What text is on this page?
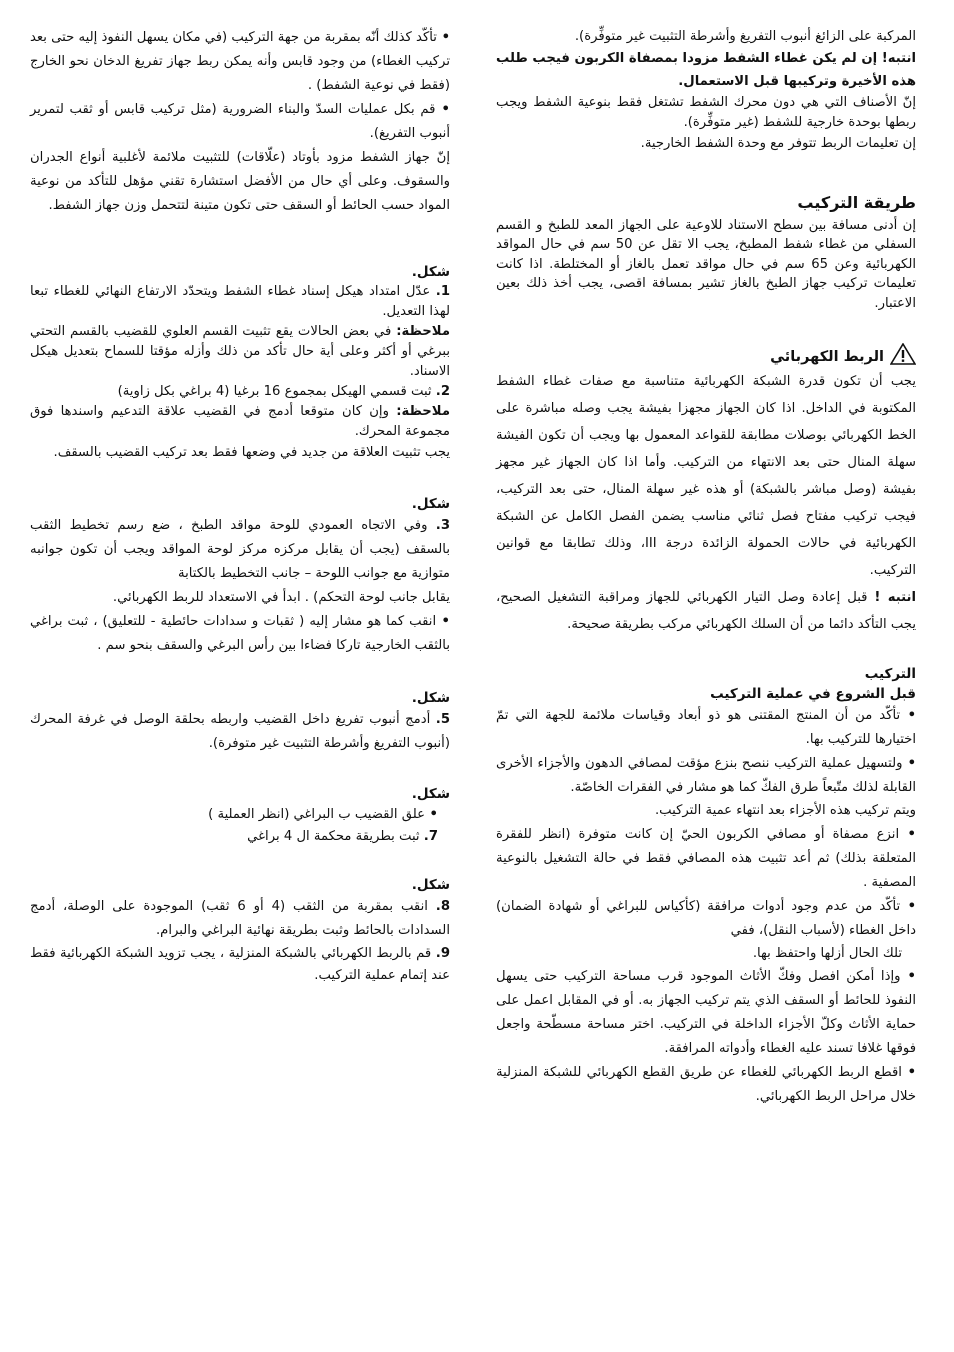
المركبة على الزائغ أنبوب التفريغ وأشرطة التثبيت غير متوفِّرة).

انتبه! إن لم يكن غطاء الشفط مزودا بمصفاة الكربون فيجب طلب هذه الأخيرة وتركيبها قبل الاستعمال.

إنّ الأصناف التي هي دون محرك الشفط تشتغل فقط بنوعية الشفط ويجب ربطها بوحدة خارجية للشفط (غير متوفِّرة).

إن تعليمات الربط تتوفر مع وحدة الشفط الخارجية.

طريقة التركيب

إن أدنى مسافة بين سطح الاستناد للاوعية على الجهاز المعد للطبخ و القسم السفلي من غطاء شفط المطبخ، يجب الا تقل عن 50 سم في حال المواقد الكهربائية وعن 65 سم في حال مواقد تعمل بالغاز أو المختلطة. اذا كانت تعليمات تركيب جهاز الطبخ بالغاز تشير بمسافة اقصى، يجب أخذ ذلك بعين الاعتبار.

الربط الكهربائي

يجب أن تكون قدرة الشبكة الكهربائية متناسبة مع صفات غطاء الشفط المكتوبة في الداخل. اذا كان الجهاز مجهزا بفيشة يجب وصله مباشرة على الخط الكهربائي بوصلات مطابقة للقواعد المعمول بها ويجب أن تكون الفيشة سهلة المنال حتى بعد الانتهاء من التركيب. وأما اذا كان الجهاز غير مجهز بفيشة (وصل مباشر بالشبكة) أو هذه غير سهلة المنال، حتى بعد التركيب، فيجب تركيب مفتاح فصل ثنائي مناسب يضمن الفصل الكامل عن الشبكة الكهربائية في حالات الحمولة الزائدة درجة III، وذلك تطابقا مع قوانين التركيب.

انتبه ! قبل إعادة وصل التيار الكهربائي للجهاز ومراقبة التشغيل الصحيح، يجب التأكد دائما من أن السلك الكهربائي مركب بطريقة صحيحة.

التركيب

قبل الشروع في عملية التركيب

• تأكّد من أن المنتج المقتنى هو ذو أبعاد وقياسات ملائمة للجهة التي تمّ اختيارها للتركيب بها.

• ولتسهيل عملية التركيب ننصح بنزع مؤقت لمصافي الدهون والأجزاء الأخرى القابلة لذلك متّبعاً طرق الفكّ كما هو مشار في الفقرات الخاصّة.

ويتم تركيب هذه الأجزاء بعد انتهاء عمية التركيب.

• انزع مصفاة أو مصافي الكربون الحيّ إن كانت متوفرة (انظر للفقرة المتعلقة بذلك) ثم أعد تثبيت هذه المصافي فقط في حالة التشغيل بالنوعية المصفية .

• تأكّد من عدم وجود أدوات مرافقة (كأكياس للبراغي أو شهادة الضمان) داخل الغطاء (لأسباب النقل)، ففي

تلك الحال أزلها واحتفظ بها.

• وإذا أمكن افصل وفكّ الأثاث الموجود قرب مساحة التركيب حتى يسهل النفوذ للحائط أو السقف الذي يتم تركيب الجهاز به. أو في المقابل اعمل على حماية الأثاث وكلّ الأجزاء الداخلة في التركيب. اختر مساحة مسطّحة واجعل فوقها غلافا تسند عليه الغطاء وأدواته المرافقة.

• اقطع الربط الكهربائي للغطاء عن طريق القطع الكهربائي للشبكة المنزلية خلال مراحل الربط الكهربائي.

• تأكّد كذلك أنّه بمقربة من جهة التركيب (في مكان يسهل النفوذ إليه حتى بعد تركيب الغطاء) من وجود قابس وأنه يمكن ربط جهاز تفريغ الدخان نحو الخارج (فقط في نوعية الشفط) .

• قم بكل عمليات السدّ والبناء الضرورية (مثل تركيب قابس أو ثقب لتمرير أنبوب التفريغ).

إنّ جهاز الشفط مزود بأوتاد (علّاقات) للتثبيت ملائمة لأغلبية أنواع الجدران والسقوف. وعلى أي حال من الأفضل استشارة تقني مؤهل للتأكد من نوعية المواد حسب الحائط أو السقف حتى تكون متينة لتتحمل وزن جهاز الشفط.

شكل.

1. عدّل امتداد هيكل إسناد غطاء الشفط ويتحدّد الارتفاع النهائي للغطاء تبعا لهذا التعديل.

ملاحظة: في بعض الحالات يقع تثبيت القسم العلوي للقضيب بالقسم التحتي ببرغي أو أكثر وعلى أية حال تأكد من ذلك وأزله مؤقتا للسماح بتعديل هيكل الاسناد.

2. ثبت قسمي الهيكل بمجموع 16 برغيا (4 براغي بكل زاوية)

ملاحظة: وإن كان متوقعا أدمج في القضيب علاقة التدعيم واسندها فوق مجموعة المحرك.

يجب تثبيت العلاقة من جديد في وضعها فقط بعد تركيب القضيب بالسقف.

شكل.

3. وفي الاتجاه العمودي للوحة مواقد الطبخ ، ضع رسم تخطيط الثقب بالسقف (يجب أن يقابل مركزه مركز لوحة المواقد ويجب أن تكون جوانبه متوازية مع جوانب اللوحة – جانب التخطيط بالكتابة

يقابل جانب لوحة التحكم) . ابدأ في الاستعداد للربط الكهربائي.

• انقب كما هو مشار إليه ( ثقبات و سدادات حائطية - للتعليق) ، ثبت براغي بالثقب الخارجية تاركا فضاءا بين رأس البرغي والسقف بنحو سم .

شكل.

5. أدمج أنبوب تفريغ داخل القضيب واربطه بحلقة الوصل في غرفة المحرك (أنبوب التفريغ وأشرطة التثبيت غير متوفرة).

شكل.

• علق القضيب ب البراغي (انظر العملية )

7. ثبت بطريقة محكمة ال 4 براغي

شكل.

8. انقب بمقربة من الثقب (4 أو 6 ثقب) الموجودة على الوصلة، أدمج السدادات بالحائط وثبت بطريقة نهائية البراغي والبرام.

9. قم بالربط الكهربائي بالشبكة المنزلية ، يجب تزويد الشبكة الكهربائية فقط عند إتمام عملية التركيب.
